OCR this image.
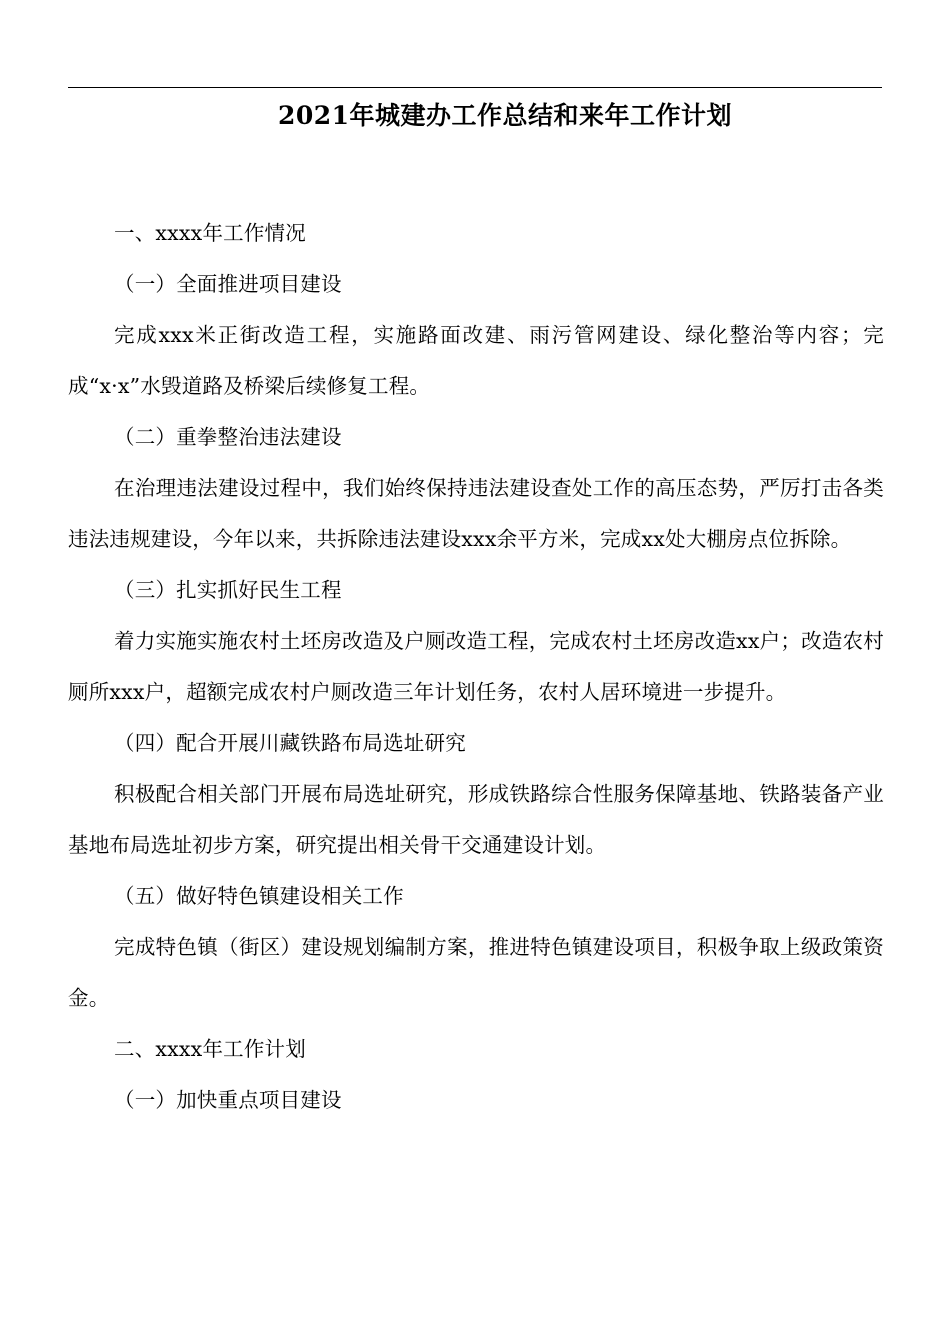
2021年城建办工作总结和来年工作计划

一、xxxx年工作情况

（一）全面推进项目建设

完成xxx米正街改造工程，实施路面改建、雨污管网建设、绿化整治等内容；完成“x·x”水毁道路及桥梁后续修复工程。

（二）重拳整治违法建设

在治理违法建设过程中，我们始终保持违法建设查处工作的高压态势，严厉打击各类违法违规建设，今年以来，共拆除违法建设xxx余平方米，完成xx处大棚房点位拆除。

（三）扎实抓好民生工程

着力实施实施农村土坯房改造及户厕改造工程，完成农村土坯房改造xx户；改造农村厕所xxx户，超额完成农村户厕改造三年计划任务，农村人居环境进一步提升。

（四）配合开展川藏铁路布局选址研究

积极配合相关部门开展布局选址研究，形成铁路综合性服务保障基地、铁路装备产业基地布局选址初步方案，研究提出相关骨干交通建设计划。

（五）做好特色镇建设相关工作

完成特色镇（街区）建设规划编制方案，推进特色镇建设项目，积极争取上级政策资金。

二、xxxx年工作计划

（一）加快重点项目建设
